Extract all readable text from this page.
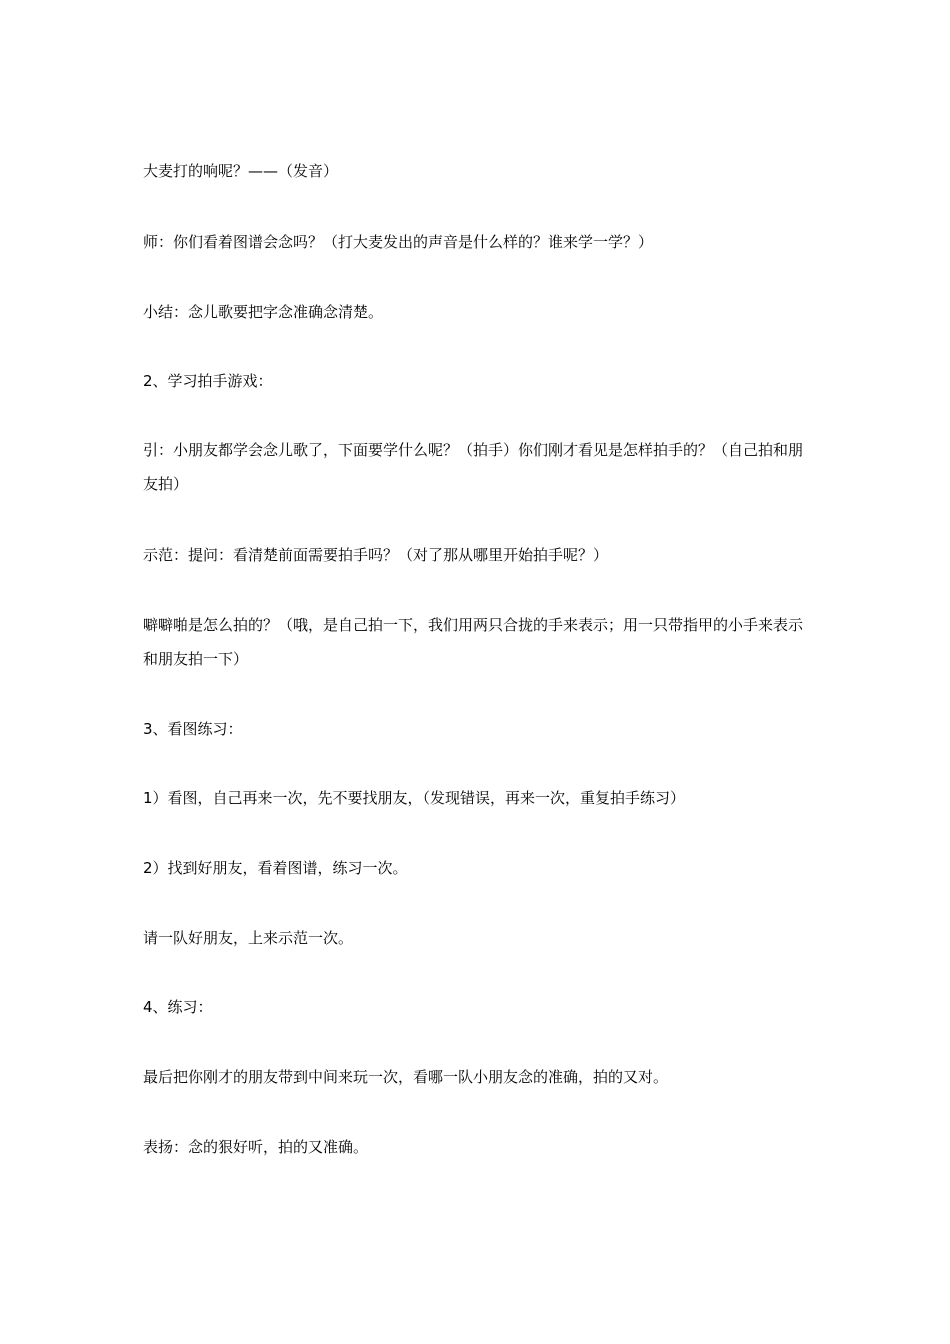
大麦打的响呢？——（发音）

师：你们看着图谱会念吗？（打大麦发出的声音是什么样的？谁来学一学？）

小结：念儿歌要把字念准确念清楚。

2、学习拍手游戏：

引：小朋友都学会念儿歌了，下面要学什么呢？（拍手）你们刚才看见是怎样拍手的？（自己拍和朋友拍）

示范：提问：看清楚前面需要拍手吗？（对了那从哪里开始拍手呢？）

噼噼啪是怎么拍的？（哦，是自己拍一下，我们用两只合拢的手来表示；用一只带指甲的小手来表示和朋友拍一下）

3、看图练习：

1）看图，自己再来一次，先不要找朋友，（发现错误，再来一次，重复拍手练习）

2）找到好朋友，看着图谱，练习一次。

请一队好朋友，上来示范一次。

4、练习：

最后把你刚才的朋友带到中间来玩一次，看哪一队小朋友念的准确，拍的又对。

表扬：念的狠好听，拍的又准确。
